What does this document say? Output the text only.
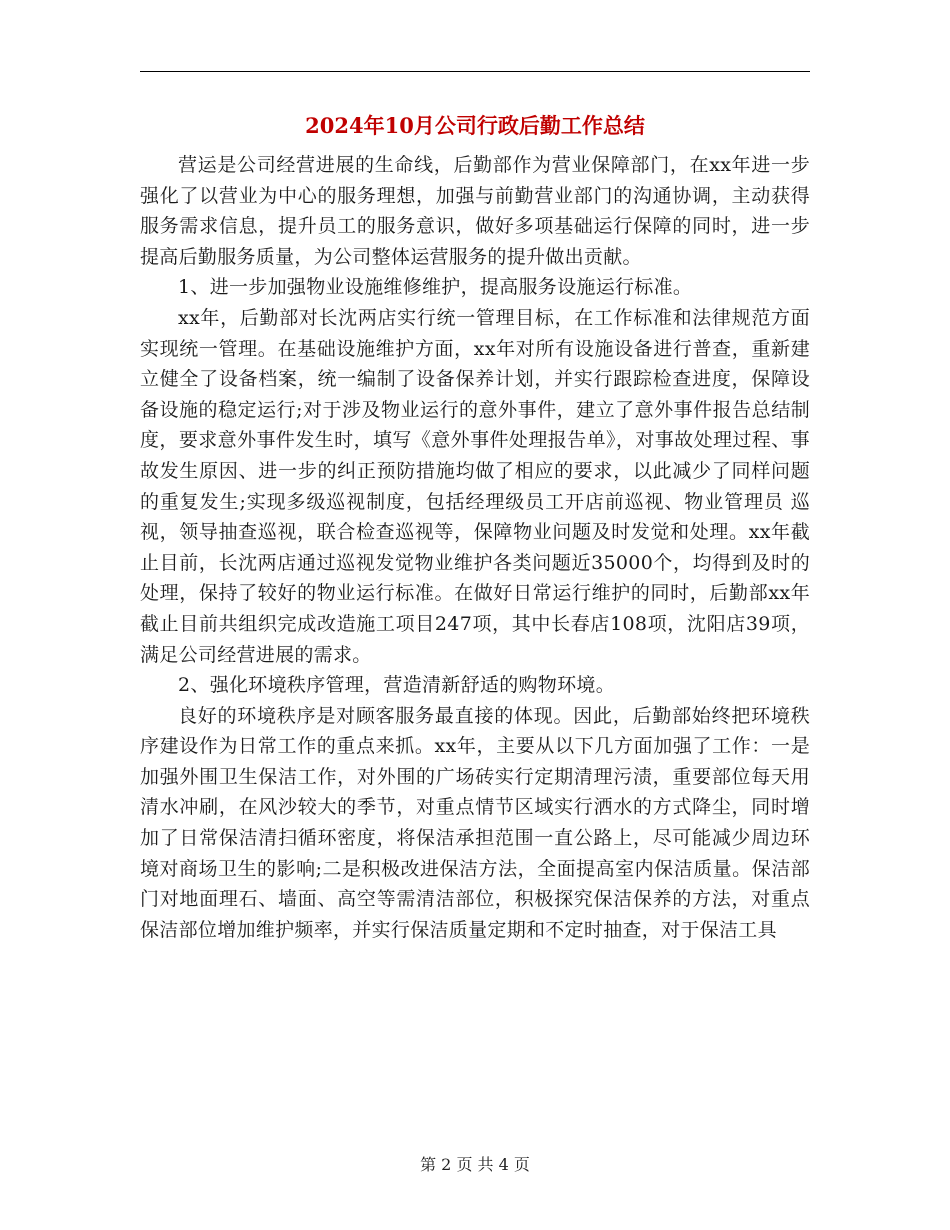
2024年10月公司行政后勤工作总结

营运是公司经营进展的生命线，后勤部作为营业保障部门，在xx年进一步强化了以营业为中心的服务理想，加强与前勤营业部门的沟通协调，主动获得服务需求信息，提升员工的服务意识，做好多项基础运行保障的同时，进一步提高后勤服务质量，为公司整体运营服务的提升做出贡献。

1、进一步加强物业设施维修维护，提高服务设施运行标准。

xx年，后勤部对长沈两店实行统一管理目标，在工作标准和法律规范方面实现统一管理。在基础设施维护方面，xx年对所有设施设备进行普查，重新建立健全了设备档案，统一编制了设备保养计划，并实行跟踪检查进度，保障设备设施的稳定运行;对于涉及物业运行的意外事件，建立了意外事件报告总结制度，要求意外事件发生时，填写《意外事件处理报告单》，对事故处理过程、事故发生原因、进一步的纠正预防措施均做了相应的要求，以此减少了同样问题的重复发生;实现多级巡视制度，包括经理级员工开店前巡视、物业管理员 巡视，领导抽查巡视，联合检查巡视等，保障物业问题及时发觉和处理。xx年截止目前，长沈两店通过巡视发觉物业维护各类问题近35000个，均得到及时的处理，保持了较好的物业运行标准。在做好日常运行维护的同时，后勤部xx年截止目前共组织完成改造施工项目247项，其中长春店108项，沈阳店39项，满足公司经营进展的需求。

2、强化环境秩序管理，营造清新舒适的购物环境。

良好的环境秩序是对顾客服务最直接的体现。因此，后勤部始终把环境秩序建设作为日常工作的重点来抓。xx年，主要从以下几方面加强了工作：一是加强外围卫生保洁工作，对外围的广场砖实行定期清理污渍，重要部位每天用清水冲刷，在风沙较大的季节，对重点情节区域实行洒水的方式降尘，同时增加了日常保洁清扫循环密度，将保洁承担范围一直公路上，尽可能减少周边环境对商场卫生的影响;二是积极改进保洁方法，全面提高室内保洁质量。保洁部门对地面理石、墙面、高空等需清洁部位，积极探究保洁保养的方法，对重点保洁部位增加维护频率，并实行保洁质量定期和不定时抽查，对于保洁工具

第 2 页 共 4 页
